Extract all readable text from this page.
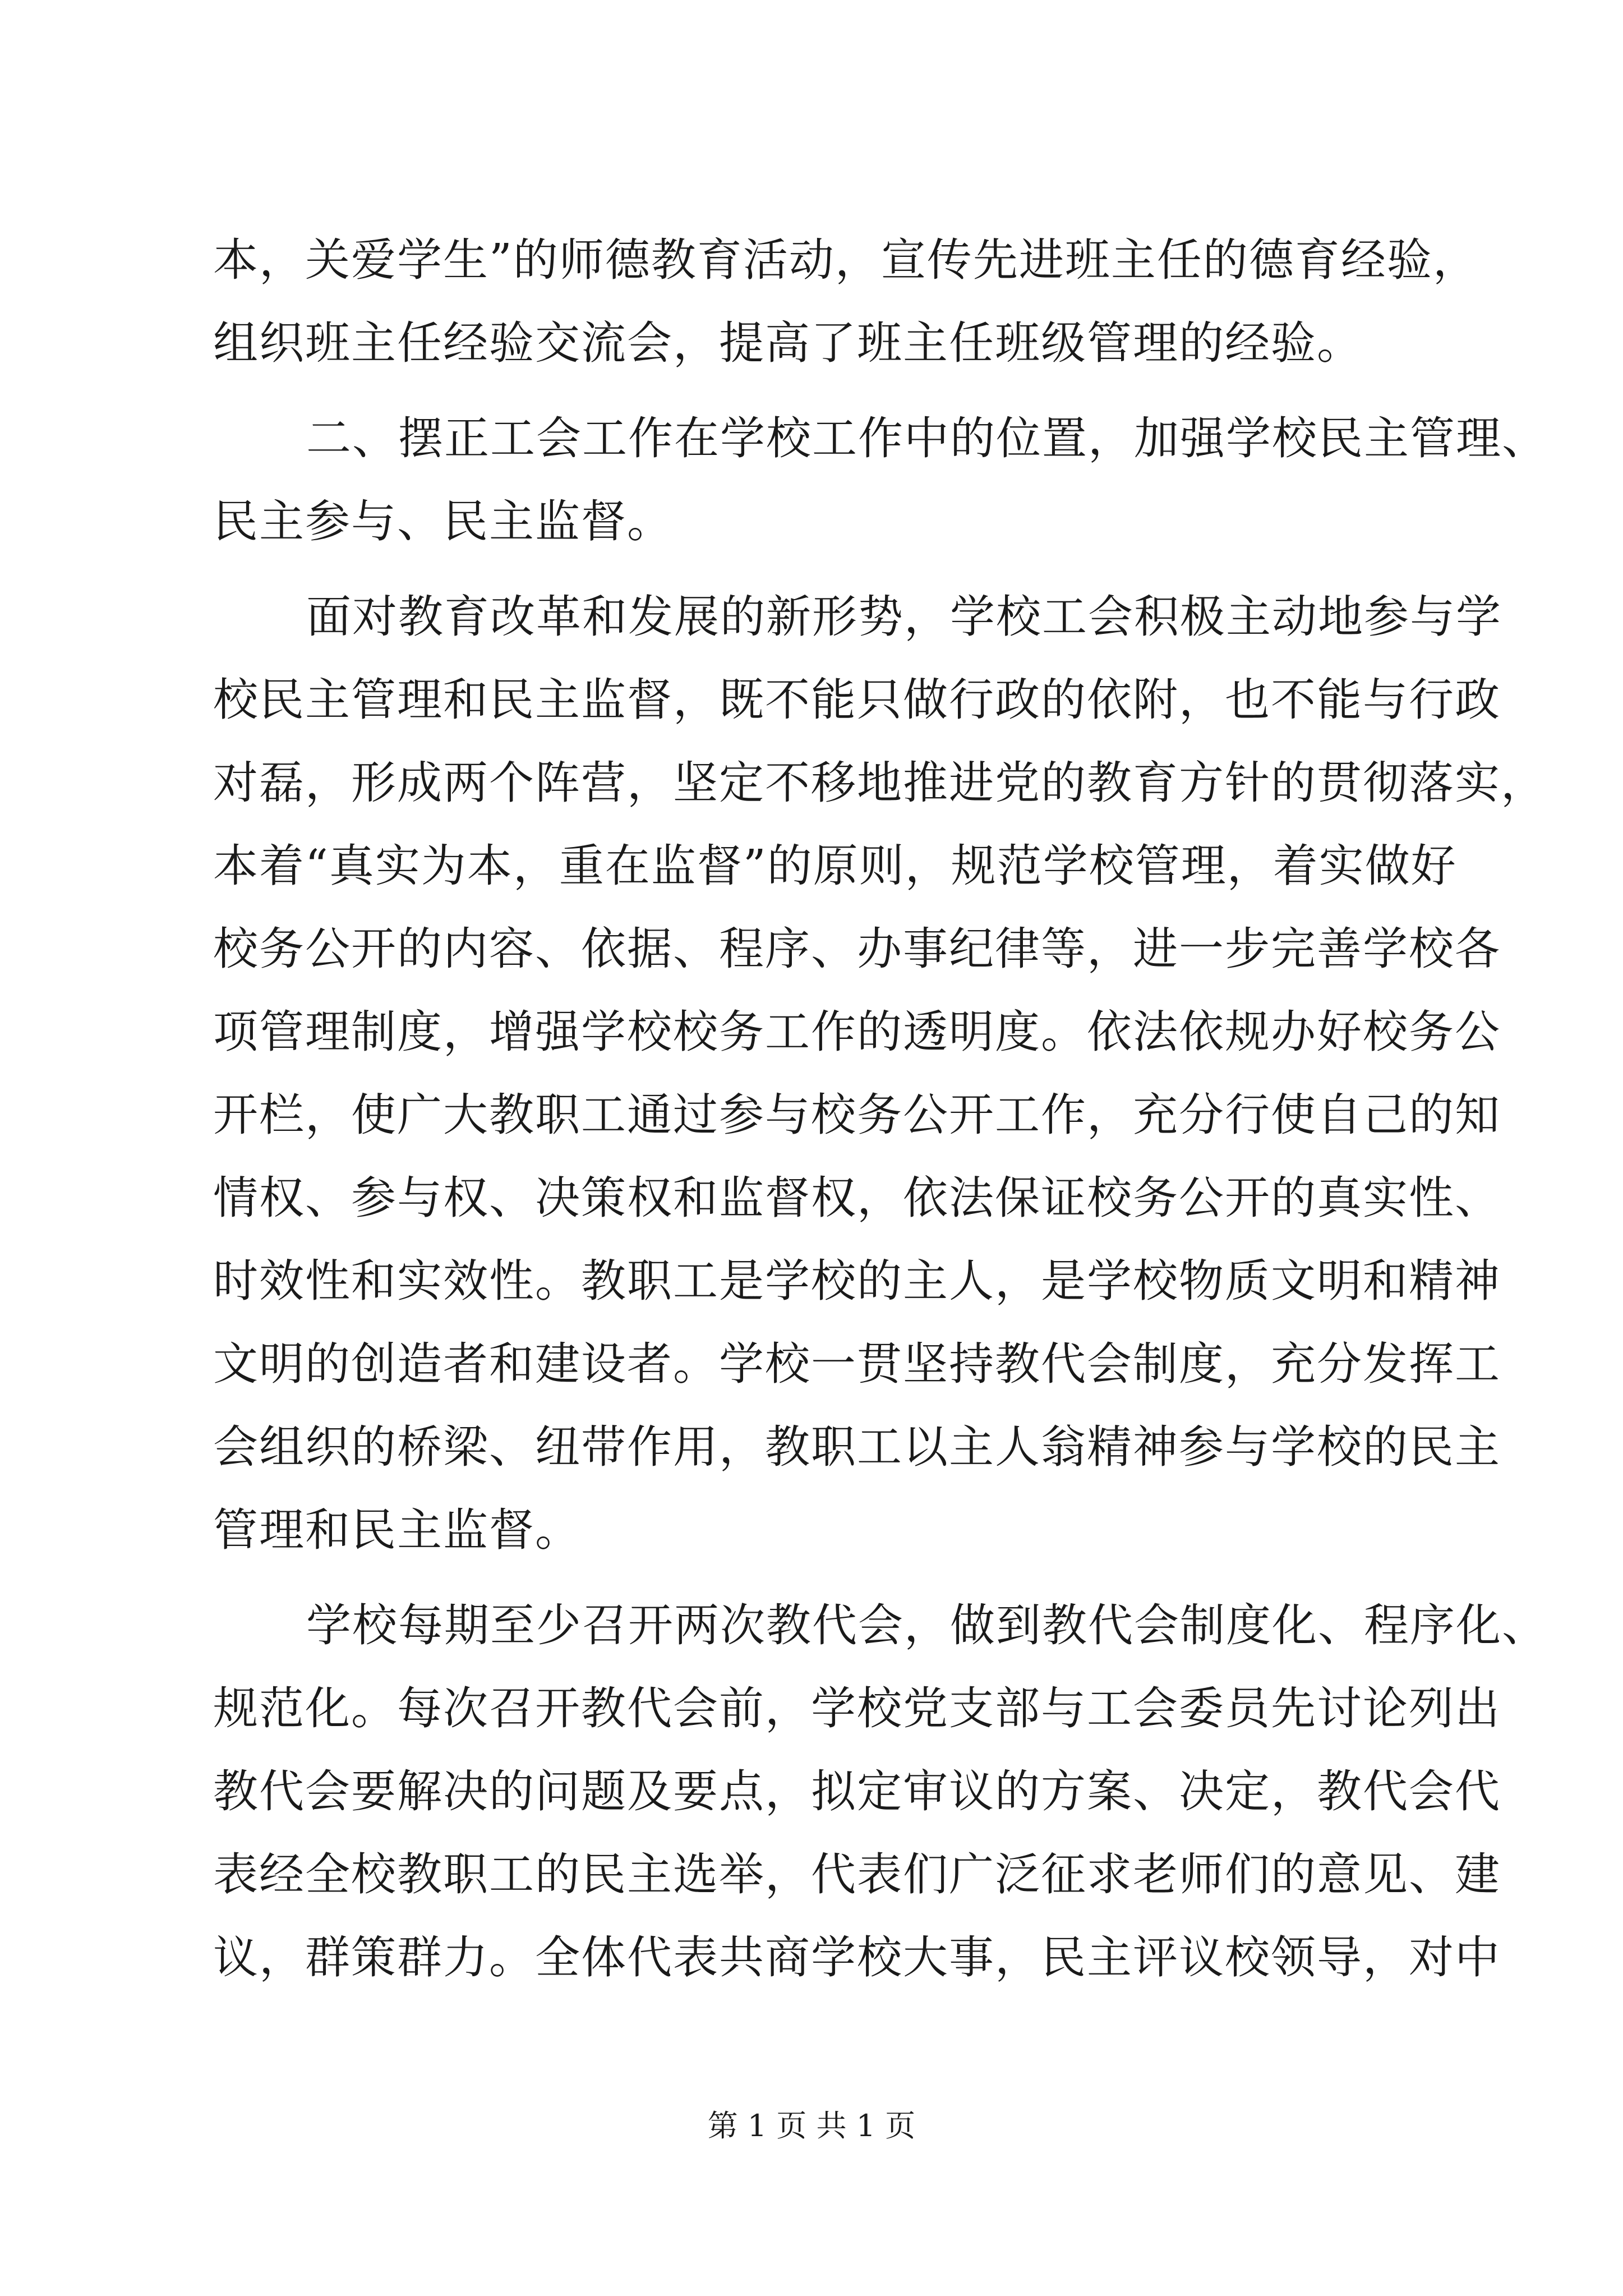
本，关爱学生”的师德教育活动，宣传先进班主任的德育经验，
组织班主任经验交流会，提高了班主任班级管理的经验。
二、摆正工会工作在学校工作中的位置，加强学校民主管理、
民主参与、民主监督。
面对教育改革和发展的新形势，学校工会积极主动地参与学
校民主管理和民主监督，既不能只做行政的依附，也不能与行政
对磊，形成两个阵营，坚定不移地推进党的教育方针的贯彻落实，
本着“真实为本，重在监督”的原则，规范学校管理，着实做好
校务公开的内容、依据、程序、办事纪律等，进一步完善学校各
项管理制度，增强学校校务工作的透明度。依法依规办好校务公
开栏，使广大教职工通过参与校务公开工作，充分行使自己的知
情权、参与权、决策权和监督权，依法保证校务公开的真实性、
时效性和实效性。教职工是学校的主人，是学校物质文明和精神
文明的创造者和建设者。学校一贯坚持教代会制度，充分发挥工
会组织的桥梁、纽带作用，教职工以主人翁精神参与学校的民主
管理和民主监督。
学校每期至少召开两次教代会，做到教代会制度化、程序化、
规范化。每次召开教代会前，学校党支部与工会委员先讨论列出
教代会要解决的问题及要点，拟定审议的方案、决定，教代会代
表经全校教职工的民主选举，代表们广泛征求老师们的意见、建
议，群策群力。全体代表共商学校大事，民主评议校领导，对中
第 1 页 共 1 页
